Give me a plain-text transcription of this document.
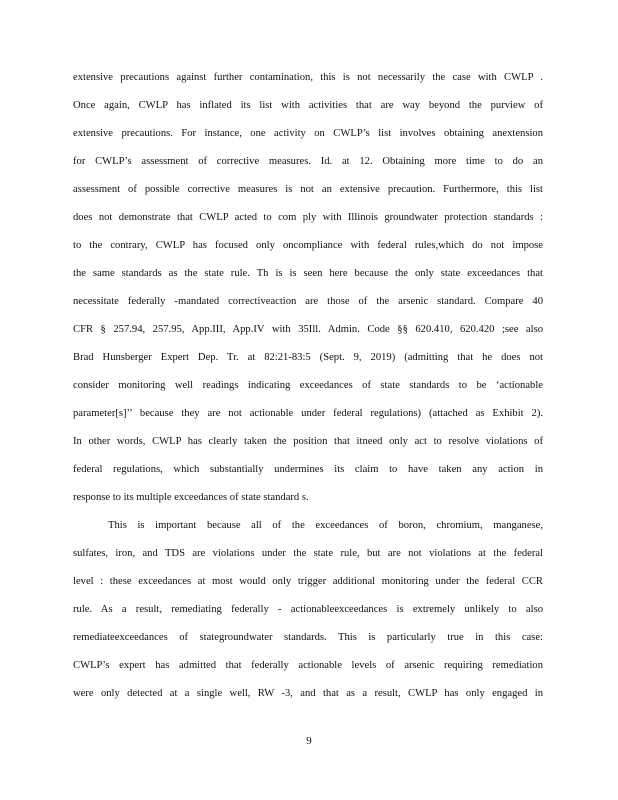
extensive precautions against further contamination, this is not necessarily the case with CWLP .
Once again, CWLP has inflated its list with activities that are way beyond the purview of
extensive precautions. For instance, one activity on CWLP’s list involves obtaining anextension
for CWLP’s assessment of corrective measures. Id. at 12. Obtaining more time to do an
assessment of possible corrective measures is not an extensive precaution. Furthermore, this list
does not demonstrate that CWLP acted to com ply with Illinois groundwater protection standards :
to the contrary, CWLP has focused only oncompliance with federal rules,which do not impose
the same standards as the state rule. Th is is seen here because the only state exceedances that
necessitate federally -mandated correctiveaction are those of the arsenic standard. Compare 40
CFR § 257.94, 257.95, App.III, App.IV with 35Ill. Admin. Code §§ 620.410, 620.420 ;see also
Brad Hunsberger Expert Dep. Tr. at 82:21-83:5 (Sept. 9, 2019) (admitting that he does not
consider monitoring well readings indicating exceedances of state standards to be ‘actionable
parameter[s]’’ because they are not actionable under federal regulations) (attached as Exhibit 2).
In other words, CWLP has clearly taken the position that itneed only act to resolve violations of
federal regulations, which substantially undermines its claim to have taken any action in
response to its multiple exceedances of state standard s.
This is important because all of the exceedances of boron, chromium, manganese,
sulfates, iron, and TDS are violations under the state rule, but are not violations at the federal
level : these exceedances at most would only trigger additional monitoring under the federal CCR
rule. As a result, remediating federally - actionableexceedances is extremely unlikely to also
remediateexceedances of stategroundwater standards. This is particularly true in this case:
CWLP’s expert has admitted that federally actionable levels of arsenic requiring remediation
were only detected at a single well, RW -3, and that as a result, CWLP has only engaged in
9
